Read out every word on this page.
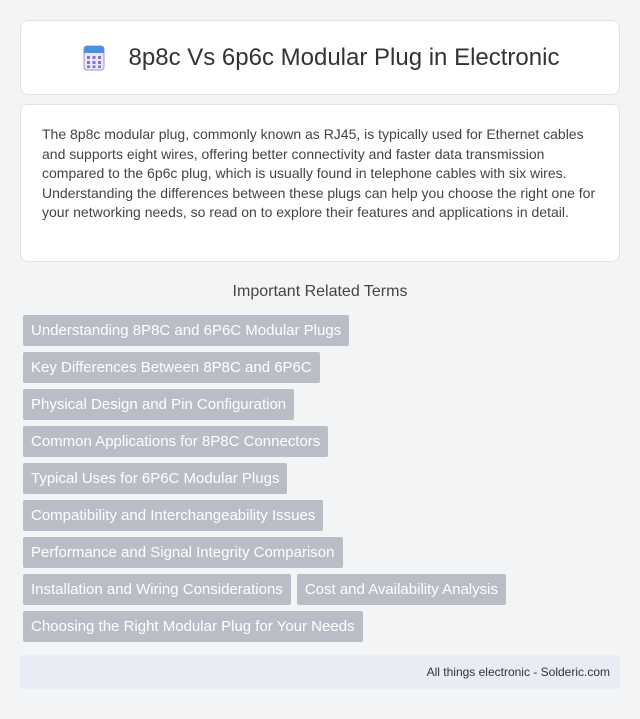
8p8c Vs 6p6c Modular Plug in Electronic

The 8p8c modular plug, commonly known as RJ45, is typically used for Ethernet cables and supports eight wires, offering better connectivity and faster data transmission compared to the 6p6c plug, which is usually found in telephone cables with six wires. Understanding the differences between these plugs can help you choose the right one for your networking needs, so read on to explore their features and applications in detail.

Important Related Terms
Understanding 8P8C and 6P6C Modular Plugs
Key Differences Between 8P8C and 6P6C
Physical Design and Pin Configuration
Common Applications for 8P8C Connectors
Typical Uses for 6P6C Modular Plugs
Compatibility and Interchangeability Issues
Performance and Signal Integrity Comparison
Installation and Wiring Considerations	Cost and Availability Analysis
Choosing the Right Modular Plug for Your Needs
All things electronic - Solderic.com
